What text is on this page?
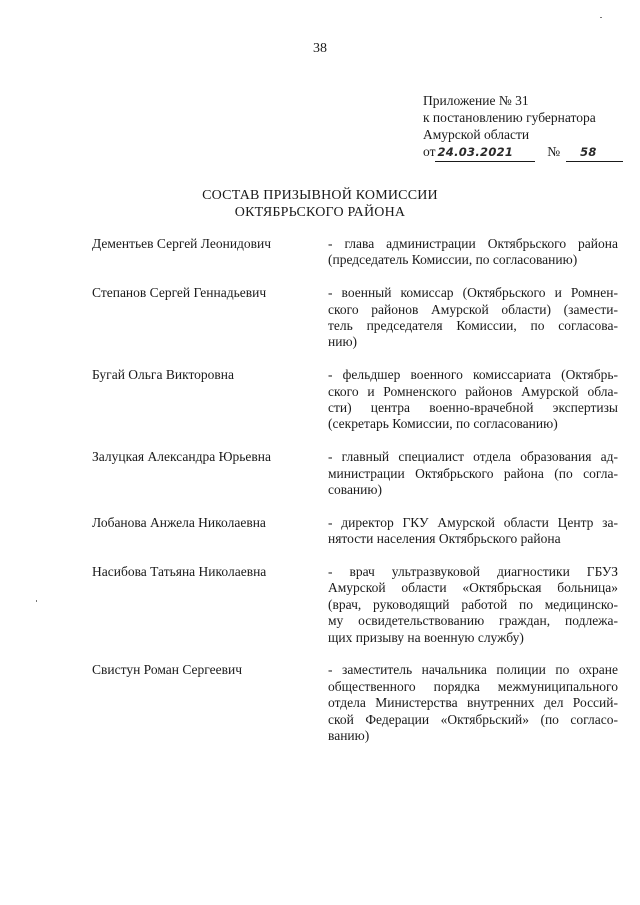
38
Приложение № 31
к постановлению губернатора
Амурской области
от 24.03.2021	№	58
СОСТАВ ПРИЗЫВНОЙ КОМИССИИ
ОКТЯБРЬСКОГО РАЙОНА
Дементьев Сергей Леонидович	- глава администрации Октябрьского района
(председатель Комиссии, по согласованию)
Степанов Сергей Геннадьевич	- военный комиссар (Октябрьского и Ромнен-
ского районов Амурской области) (замести-
тель председателя Комиссии, по согласова-
нию)
Бугай Ольга Викторовна	- фельдшер военного комиссариата (Октябрь-
ского и Ромненского районов Амурской обла-
сти) центра военно-врачебной экспертизы
(секретарь Комиссии, по согласованию)
Залуцкая Александра Юрьевна	- главный специалист отдела образования ад-
министрации Октябрьского района (по согла-
сованию)
Лобанова Анжела Николаевна	- директор ГКУ Амурской области Центр за-
нятости населения Октябрьского района
Насибова Татьяна Николаевна	- врач ультразвуковой диагностики ГБУЗ
Амурской области «Октябрьская больница»
(врач, руководящий работой по медицинско-
му освидетельствованию граждан, подлежа-
щих призыву на военную службу)
Свистун Роман Сергеевич	- заместитель начальника полиции по охране
общественного порядка межмуниципального
отдела Министерства внутренних дел Россий-
ской Федерации «Октябрьский» (по согласо-
ванию)
